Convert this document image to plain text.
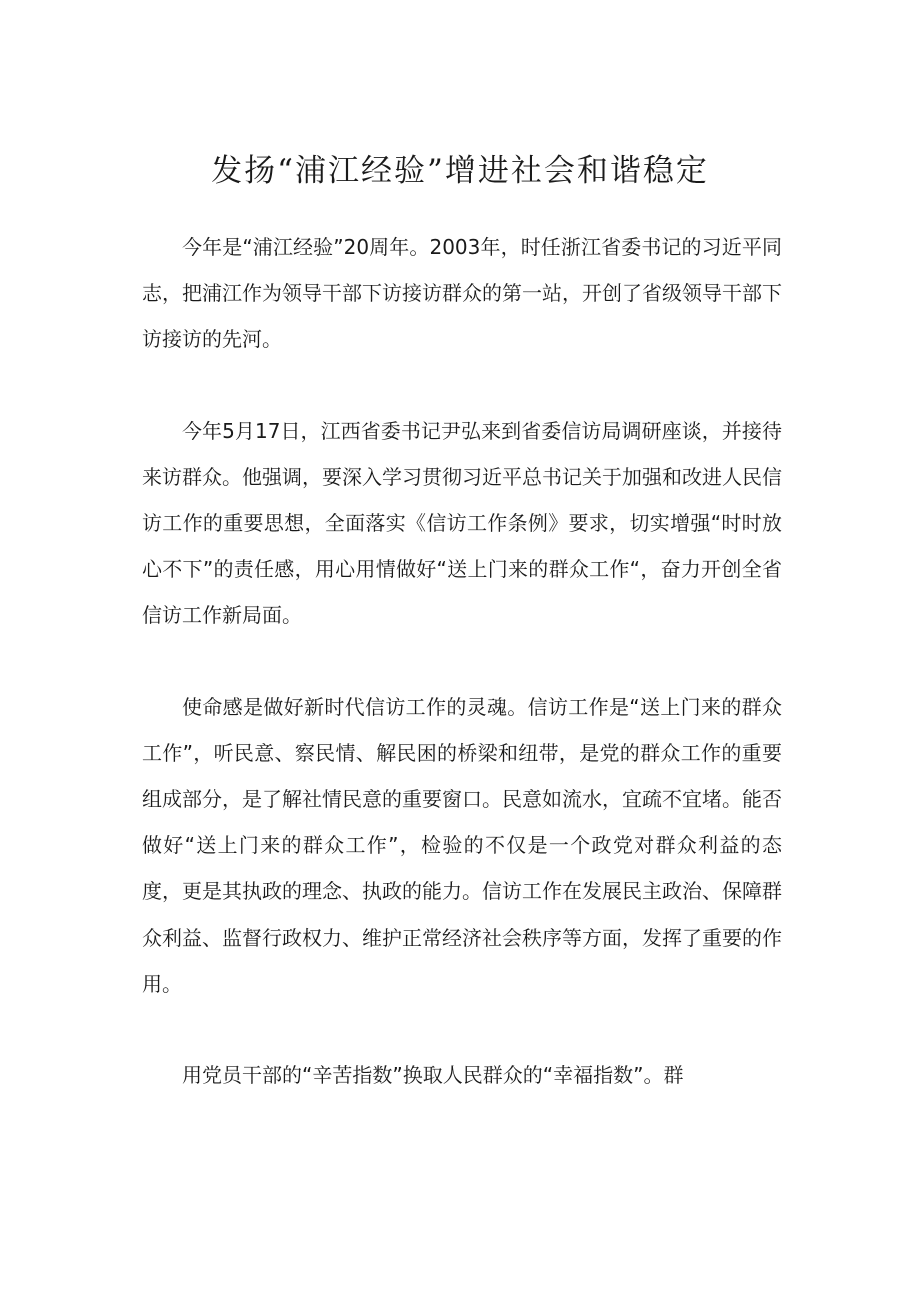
发扬“浦江经验”增进社会和谐稳定

今年是“浦江经验”20周年。2003年，时任浙江省委书记的习近平同志，把浦江作为领导干部下访接访群众的第一站，开创了省级领导干部下访接访的先河。

今年5月17日，江西省委书记尹弘来到省委信访局调研座谈，并接待来访群众。他强调，要深入学习贯彻习近平总书记关于加强和改进人民信访工作的重要思想，全面落实《信访工作条例》要求，切实增强“时时放心不下”的责任感，用心用情做好“送上门来的群众工作“，奋力开创全省信访工作新局面。

使命感是做好新时代信访工作的灵魂。信访工作是“送上门来的群众工作”，听民意、察民情、解民困的桥梁和纽带，是党的群众工作的重要组成部分，是了解社情民意的重要窗口。民意如流水，宜疏不宜堵。能否做好“送上门来的群众工作”，检验的不仅是一个政党对群众利益的态度，更是其执政的理念、执政的能力。信访工作在发展民主政治、保障群众利益、监督行政权力、维护正常经济社会秩序等方面，发挥了重要的作用。

用党员干部的“辛苦指数”换取人民群众的“幸福指数”。群
